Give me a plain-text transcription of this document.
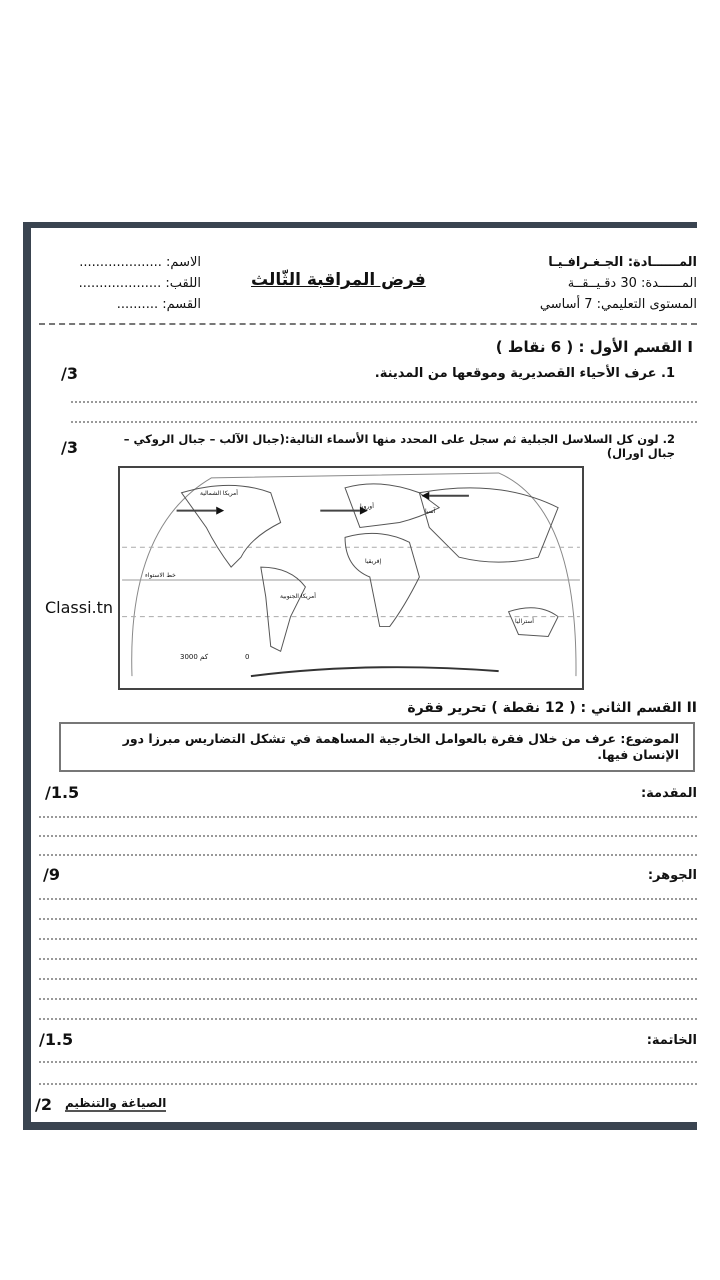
المــــــادة: الجـغـرافـيـا
المــــــدة: 30 دقـيــقــة
المستوى التعليمي: 7 أساسي
فرض المراقبة الثّالث
الاسم: ....................
اللقب: ....................
القسم: ..........
I القسم الأول : ( 6 نقاط )
1. عرف الأحياء القصديرية وموقعها من المدينة.
/3
2. لون كل السلاسل الجبلية ثم سجل على المحدد منها الأسماء التالية:(جبال الآلب – جبال الروكي –جبال اورال)
/3
أمريكا الشمالية
أوروبا
آسيا
إفريقيا
أمريكا الجنوبية
أستراليا
خط الاستواء
3000 كم	0
Classi.tn
II القسم الثاني : ( 12 نقطة ) تحرير فقرة
الموضوع: عرف من خلال فقرة بالعوامل الخارجية المساهمة في تشكل التضاريس مبرزا دور الإنسان فيها.
المقدمة:
/1.5
الجوهر:
/9
الخاتمة:
/1.5
/2 الصياغة والتنظيم
